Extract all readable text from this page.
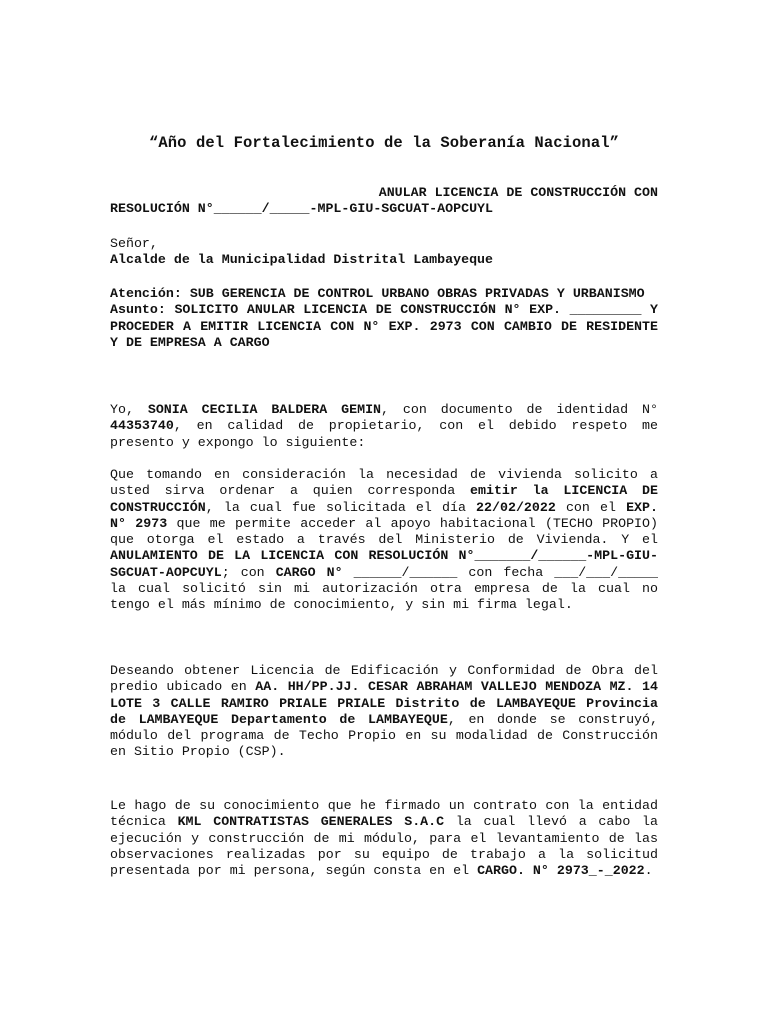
“Año del Fortalecimiento de la Soberanía Nacional”

ANULAR LICENCIA DE CONSTRUCCIÓN CON

RESOLUCIÓN N°______/_____-MPL-GIU-SGCUAT-AOPCUYL

Señor,

Alcalde de la Municipalidad Distrital Lambayeque

Atención: SUB GERENCIA DE CONTROL URBANO OBRAS PRIVADAS Y URBANISMO

Asunto: SOLICITO ANULAR LICENCIA DE CONSTRUCCIÓN N° EXP. _________ Y PROCEDER A EMITIR LICENCIA CON N° EXP. 2973 CON CAMBIO DE RESIDENTE Y DE EMPRESA A CARGO

Yo, SONIA CECILIA BALDERA GEMIN, con documento de identidad N° 44353740, en calidad de propietario, con el debido respeto me presento y expongo lo siguiente:

Que tomando en consideración la necesidad de vivienda solicito a usted sirva ordenar a quien corresponda emitir la LICENCIA DE CONSTRUCCIÓN, la cual fue solicitada el día 22/02/2022 con el EXP. N° 2973 que me permite acceder al apoyo habitacional (TECHO PROPIO) que otorga el estado a través del Ministerio de Vivienda. Y el ANULAMIENTO DE LA LICENCIA CON RESOLUCIÓN N°_______/______-MPL-GIU-SGCUAT-AOPCUYL; con CARGO N° ______/______ con fecha ___/___/_____ la cual solicitó sin mi autorización otra empresa de la cual no tengo el más mínimo de conocimiento, y sin mi firma legal.

Deseando obtener Licencia de Edificación y Conformidad de Obra del predio ubicado en AA. HH/PP.JJ. CESAR ABRAHAM VALLEJO MENDOZA MZ. 14 LOTE 3 CALLE RAMIRO PRIALE PRIALE Distrito de LAMBAYEQUE Provincia de LAMBAYEQUE Departamento de LAMBAYEQUE, en donde se construyó, módulo del programa de Techo Propio en su modalidad de Construcción en Sitio Propio (CSP).

Le hago de su conocimiento que he firmado un contrato con la entidad técnica KML CONTRATISTAS GENERALES S.A.C la cual llevó a cabo la ejecución y construcción de mi módulo, para el levantamiento de las observaciones realizadas por su equipo de trabajo a la solicitud presentada por mi persona, según consta en el CARGO. N° 2973_-_2022.
